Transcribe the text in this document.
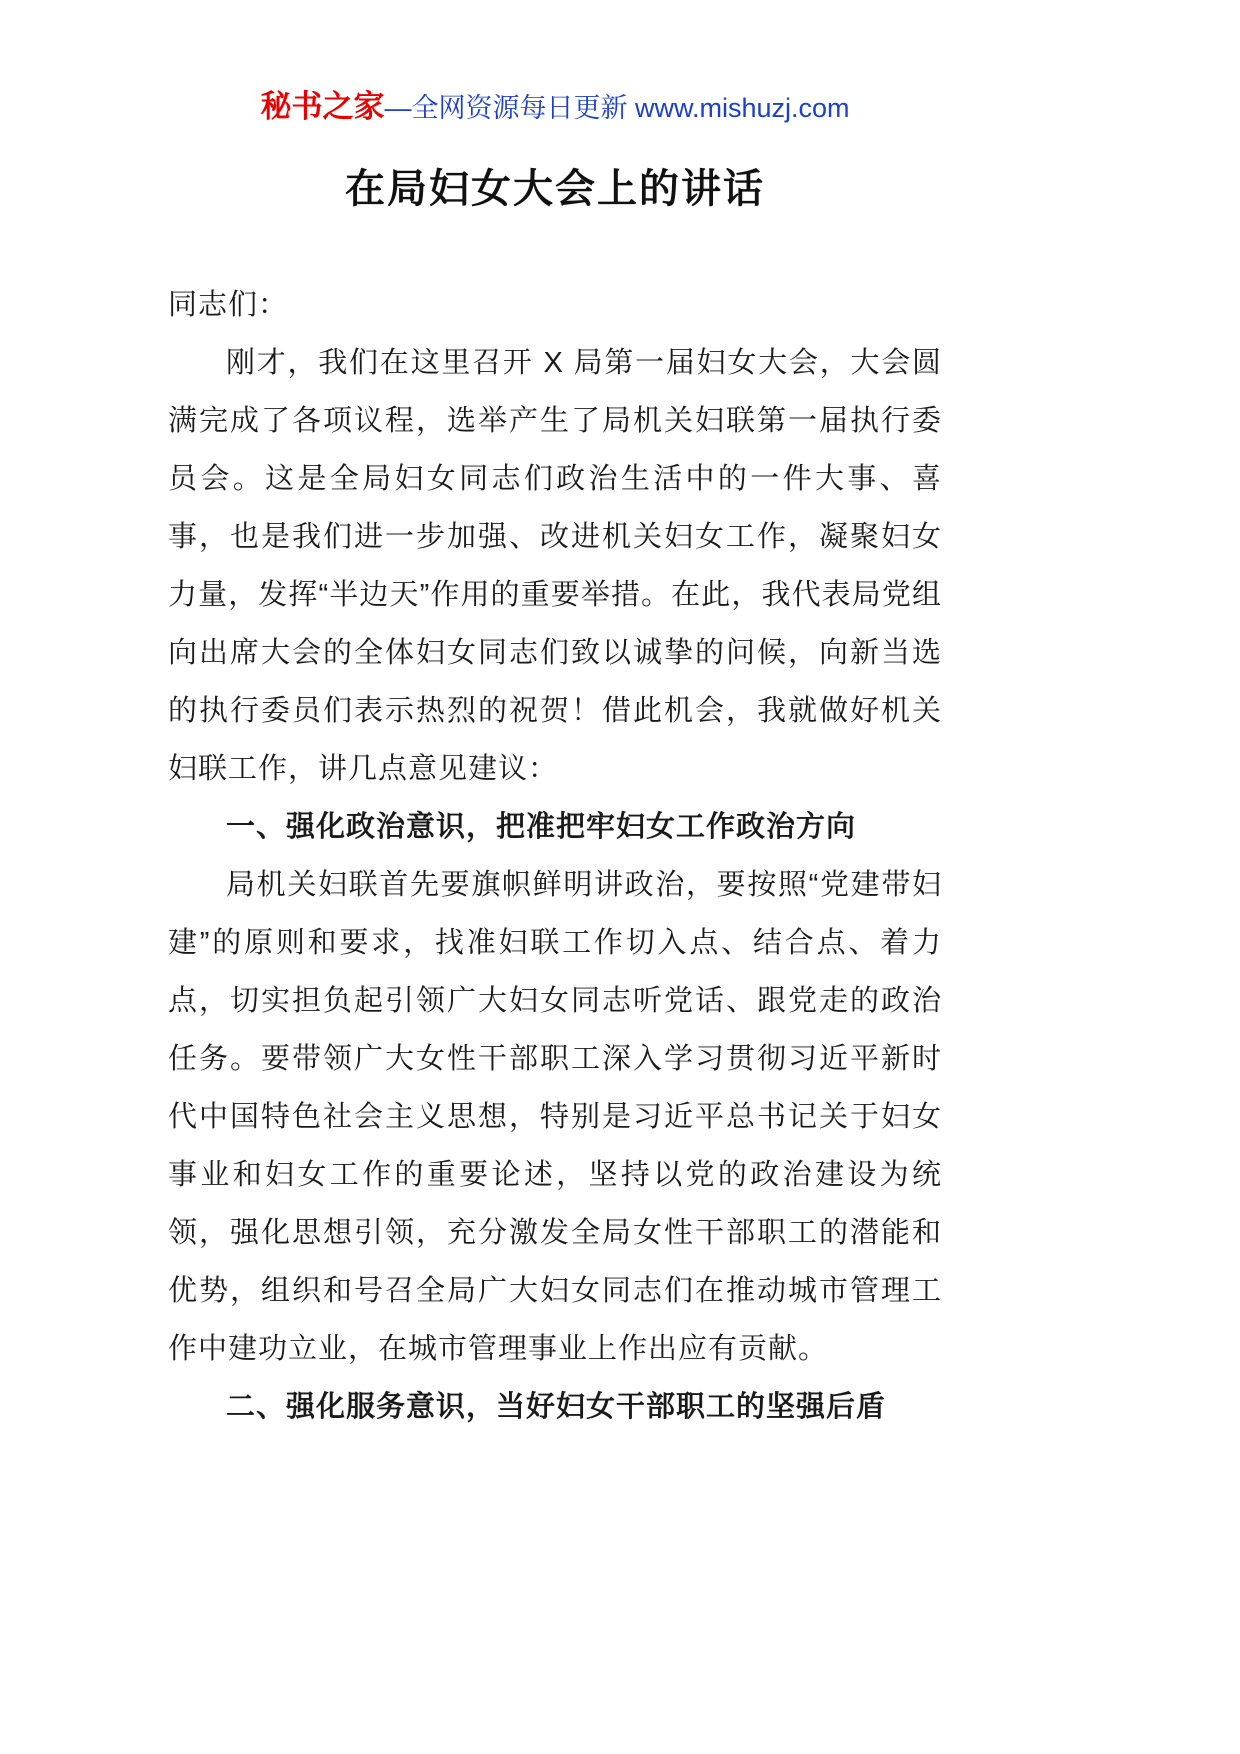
秘书之家—全网资源每日更新 www.mishuzj.com
在局妇女大会上的讲话

同志们：

刚才，我们在这里召开 X 局第一届妇女大会，大会圆满完成了各项议程，选举产生了局机关妇联第一届执行委员会。这是全局妇女同志们政治生活中的一件大事、喜事，也是我们进一步加强、改进机关妇女工作，凝聚妇女力量，发挥“半边天”作用的重要举措。在此，我代表局党组向出席大会的全体妇女同志们致以诚挚的问候，向新当选的执行委员们表示热烈的祝贺！借此机会，我就做好机关妇联工作，讲几点意见建议：

一、强化政治意识，把准把牢妇女工作政治方向

局机关妇联首先要旗帜鲜明讲政治，要按照“党建带妇建”的原则和要求，找准妇联工作切入点、结合点、着力点，切实担负起引领广大妇女同志听党话、跟党走的政治任务。要带领广大女性干部职工深入学习贯彻习近平新时代中国特色社会主义思想，特别是习近平总书记关于妇女事业和妇女工作的重要论述，坚持以党的政治建设为统领，强化思想引领，充分激发全局女性干部职工的潜能和优势，组织和号召全局广大妇女同志们在推动城市管理工作中建功立业，在城市管理事业上作出应有贡献。

二、强化服务意识，当好妇女干部职工的坚强后盾
